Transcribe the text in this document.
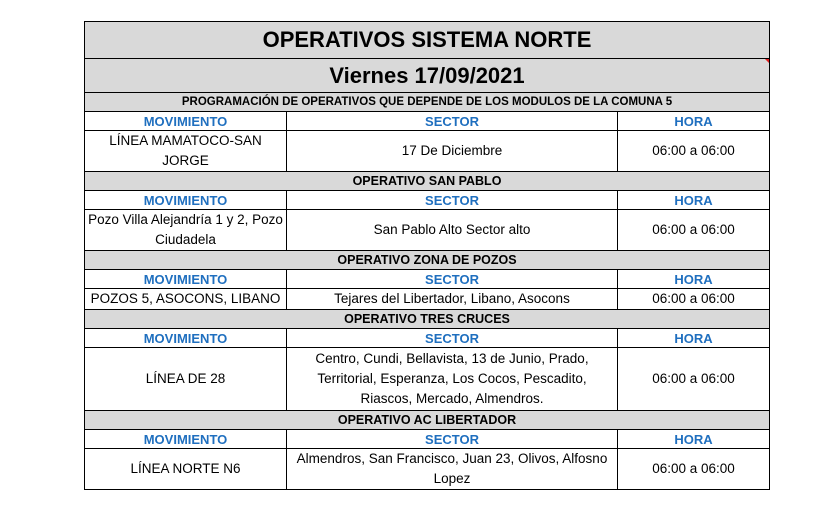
OPERATIVOS SISTEMA NORTE		
Viernes 17/09/2021		

PROGRAMACIÓN DE OPERATIVOS QUE DEPENDE DE LOS MODULOS DE LA COMUNA 5		
MOVIMIENTO	SECTOR	HORA
LÍNEA MAMATOCO-SAN JORGE	17 De Diciembre	06:00 a 06:00
OPERATIVO SAN PABLO		
MOVIMIENTO	SECTOR	HORA
Pozo Villa Alejandría 1 y 2, Pozo Ciudadela	San Pablo Alto Sector alto	06:00 a 06:00
OPERATIVO ZONA DE POZOS		
MOVIMIENTO	SECTOR	HORA
POZOS 5, ASOCONS, LIBANO	Tejares del Libertador, Libano, Asocons	06:00 a 06:00
OPERATIVO TRES CRUCES		
MOVIMIENTO	SECTOR	HORA
LÍNEA DE 28	Centro, Cundi, Bellavista, 13 de Junio, Prado, Territorial, Esperanza, Los Cocos, Pescadito, Riascos, Mercado, Almendros.	06:00 a 06:00
OPERATIVO AC LIBERTADOR		
MOVIMIENTO	SECTOR	HORA
LÍNEA NORTE N6	Almendros, San Francisco, Juan 23, Olivos, Alfosno Lopez	06:00 a 06:00
